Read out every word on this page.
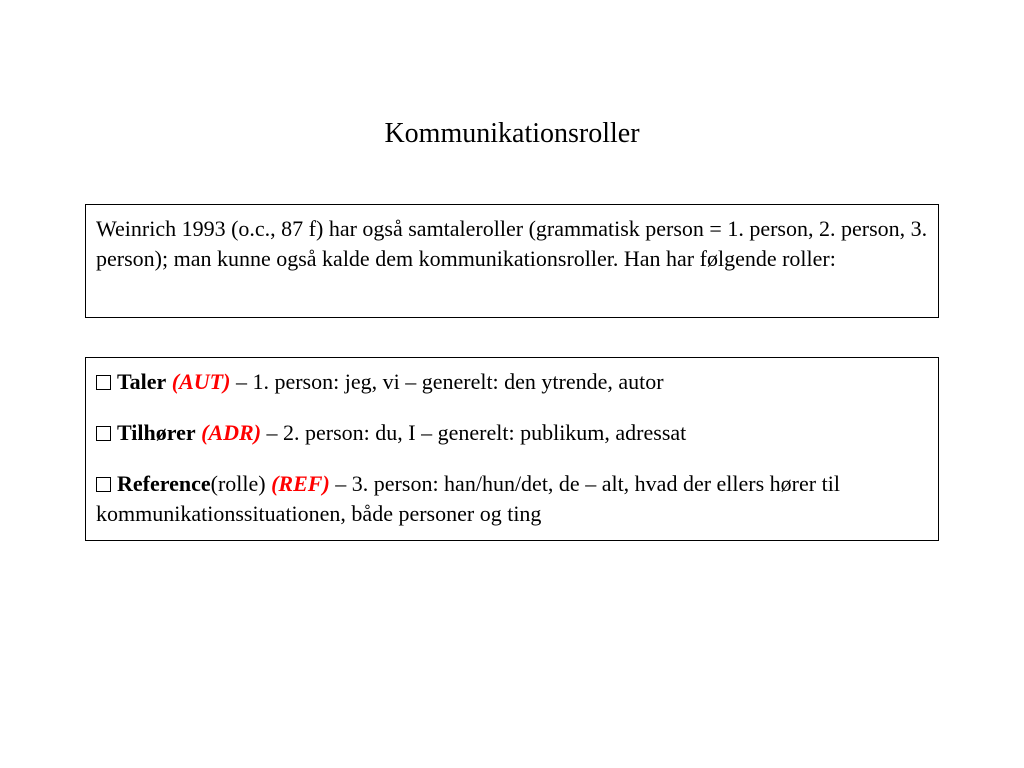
Kommunikationsroller
Weinrich 1993 (o.c., 87 f) har også samtaleroller (grammatisk person = 1. person, 2. person, 3. person); man kunne også kalde dem kommunikationsroller. Han har følgende roller:
Taler (AUT) – 1. person: jeg, vi – generelt: den ytrende, autor
Tilhører (ADR) – 2. person: du, I – generelt: publikum, adressat
Reference(rolle) (REF) – 3. person: han/hun/det, de – alt, hvad der ellers hører til kommunikationssituationen, både personer og ting
